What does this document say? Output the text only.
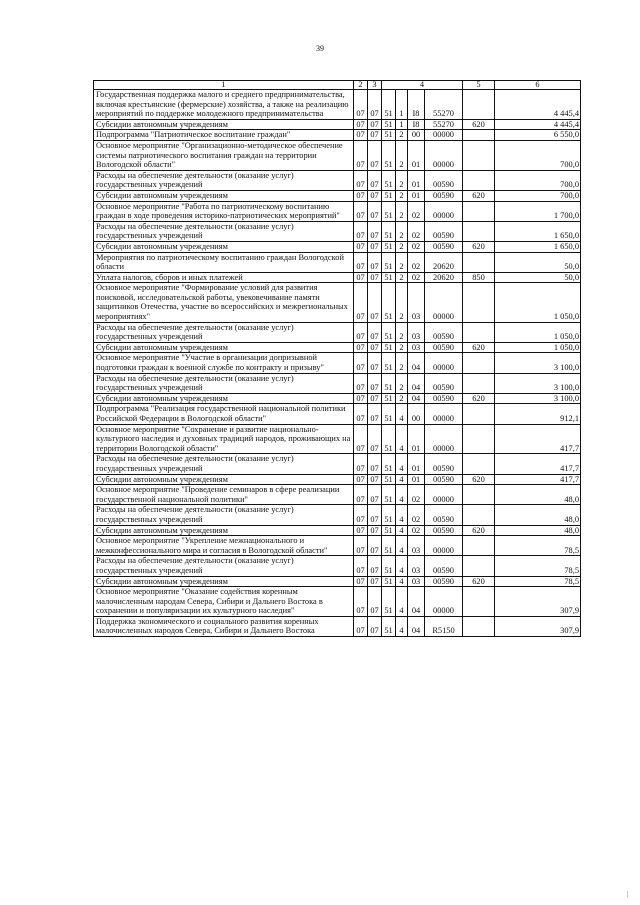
39
1	2	3	4				5	6
Государственная поддержка малого и среднего предпринимательства, включая крестьянские (фермерские) хозяйства, а также на реализацию мероприятий по поддержке молодежного предпринимательства	07	07	51	1	I8	55270		4 445,4
Субсидии автономным учреждениям	07	07	51	1	I8	55270	620	4 445,4
Подпрограмма "Патриотическое воспитание граждан"	07	07	51	2	00	00000		6 550,0
Основное мероприятие "Организационно-методическое обеспечение системы патриотического воспитания граждан на территории Вологодской области"	07	07	51	2	01	00000		700,0
Расходы на обеспечение деятельности (оказание услуг) государственных учреждений	07	07	51	2	01	00590		700,0
Субсидии автономным учреждениям	07	07	51	2	01	00590	620	700,0
Основное мероприятие "Работа по патриотическому воспитанию граждан в ходе проведения историко-патриотических мероприятий"	07	07	51	2	02	00000		1 700,0
Расходы на обеспечение деятельности (оказание услуг) государственных учреждений	07	07	51	2	02	00590		1 650,0
Субсидии автономным учреждениям	07	07	51	2	02	00590	620	1 650,0
Мероприятия по патриотическому воспитанию граждан Вологодской области	07	07	51	2	02	20620		50,0
Уплата налогов, сборов и иных платежей	07	07	51	2	02	20620	850	50,0
Основное мероприятие "Формирование условий для развития поисковой, исследовательской работы, увековечивание памяти защитников Отечества, участие во всероссийских и межрегиональных мероприятиях"	07	07	51	2	03	00000		1 050,0
Расходы на обеспечение деятельности (оказание услуг) государственных учреждений	07	07	51	2	03	00590		1 050,0
Субсидии автономным учреждениям	07	07	51	2	03	00590	620	1 050,0
Основное мероприятие "Участие в организации допризывной подготовки граждан к военной службе по контракту и призыву"	07	07	51	2	04	00000		3 100,0
Расходы на обеспечение деятельности (оказание услуг) государственных учреждений	07	07	51	2	04	00590		3 100,0
Субсидии автономным учреждениям	07	07	51	2	04	00590	620	3 100,0
Подпрограмма "Реализация государственной национальной политики Российской Федерации в Вологодской области"	07	07	51	4	00	00000		912,1
Основное мероприятие "Сохранение и развитие национально-культурного наследия и духовных традиций народов, проживающих на территории Вологодской области"	07	07	51	4	01	00000		417,7
Расходы на обеспечение деятельности (оказание услуг) государственных учреждений	07	07	51	4	01	00590		417,7
Субсидии автономным учреждениям	07	07	51	4	01	00590	620	417,7
Основное мероприятие "Проведение семинаров в сфере реализации государственной национальной политики"	07	07	51	4	02	00000		48,0
Расходы на обеспечение деятельности (оказание услуг) государственных учреждений	07	07	51	4	02	00590		48,0
Субсидии автономным учреждениям	07	07	51	4	02	00590	620	48,0
Основное мероприятие "Укрепление межнационального и межконфессионального мира и согласия в Вологодской области"	07	07	51	4	03	00000		78,5
Расходы на обеспечение деятельности (оказание услуг) государственных учреждений	07	07	51	4	03	00590		78,5
Субсидии автономным учреждениям	07	07	51	4	03	00590	620	78,5
Основное мероприятие "Оказание содействия коренным малочисленным народам Севера, Сибири и Дальнего Востока в сохранении и популяризации их культурного наследия"	07	07	51	4	04	00000		307,9
Поддержка экономического и социального развития коренных малочисленных народов Севера, Сибири и Дальнего Востока	07	07	51	4	04	R5150		307,9
|
